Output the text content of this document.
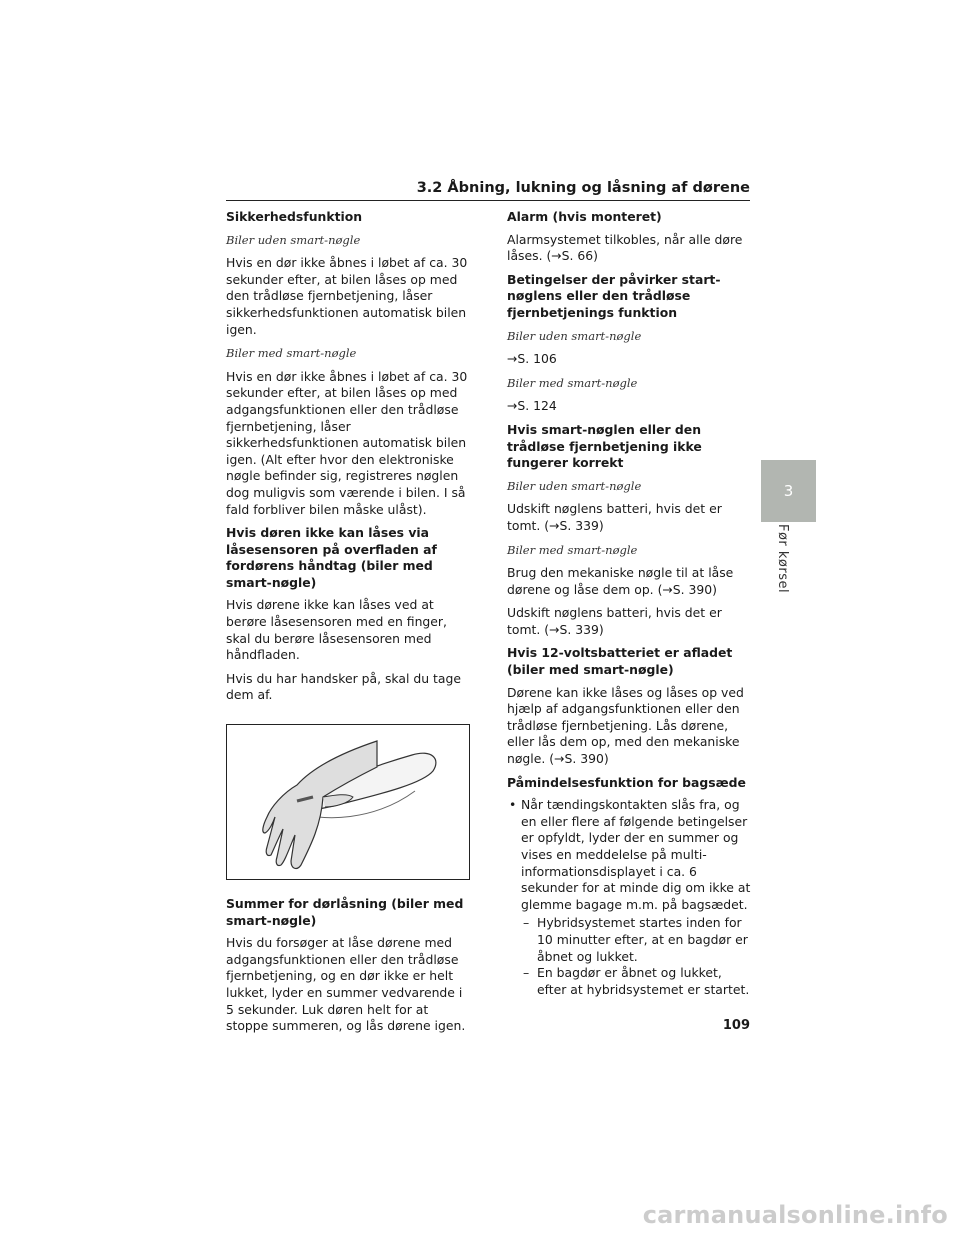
3.2 Åbning, lukning og låsning af dørene
Sikkerhedsfunktion

Biler uden smart-nøgle

Hvis en dør ikke åbnes i løbet af ca. 30 sekunder efter, at bilen låses op med den trådløse fjernbetjening, låser sikkerhedsfunktionen automatisk bilen igen.

Biler med smart-nøgle

Hvis en dør ikke åbnes i løbet af ca. 30 sekunder efter, at bilen låses op med adgangsfunktionen eller den trådløse fjernbetjening, låser sikkerhedsfunktionen automatisk bilen igen. (Alt efter hvor den elektroniske nøgle befinder sig, registreres nøglen dog muligvis som værende i bilen. I så fald forbliver bilen måske ulåst).

Hvis døren ikke kan låses via låsesensoren på overfladen af fordørens håndtag (biler med smart-nøgle)

Hvis dørene ikke kan låses ved at berøre låsesensoren med en finger, skal du berøre låsesensoren med håndfladen.

Hvis du har handsker på, skal du tage dem af.

Summer for dørlåsning (biler med smart-nøgle)

Hvis du forsøger at låse dørene med adgangsfunktionen eller den trådløse fjernbetjening, og en dør ikke er helt lukket, lyder en summer vedvarende i 5 sekunder. Luk døren helt for at stoppe summeren, og lås dørene igen.

Alarm (hvis monteret)

Alarmsystemet tilkobles, når alle døre låses. (→S. 66)

Betingelser der påvirker start-nøglens eller den trådløse fjernbetjenings funktion

Biler uden smart-nøgle

→S. 106

Biler med smart-nøgle

→S. 124

Hvis smart-nøglen eller den trådløse fjernbetjening ikke fungerer korrekt

Biler uden smart-nøgle

Udskift nøglens batteri, hvis det er tomt. (→S. 339)

Biler med smart-nøgle

Brug den mekaniske nøgle til at låse dørene og låse dem op. (→S. 390)

Udskift nøglens batteri, hvis det er tomt. (→S. 339)

Hvis 12-voltsbatteriet er afladet (biler med smart-nøgle)

Dørene kan ikke låses og låses op ved hjælp af adgangsfunktionen eller den trådløse fjernbetjening. Lås dørene, eller lås dem op, med den mekaniske nøgle. (→S. 390)

Påmindelsesfunktion for bagsæde
• Når tændingskontakten slås fra, og en eller flere af følgende betingelser er opfyldt, lyder der en summer og vises en meddelelse på multi-informationsdisplayet i ca. 6 sekunder for at minde dig om ikke at glemme bagage m.m. på bagsædet.
– Hybridsystemet startes inden for 10 minutter efter, at en bagdør er åbnet og lukket.
– En bagdør er åbnet og lukket, efter at hybridsystemet er startet.
3
Før kørsel
109
carmanualsonline.info
